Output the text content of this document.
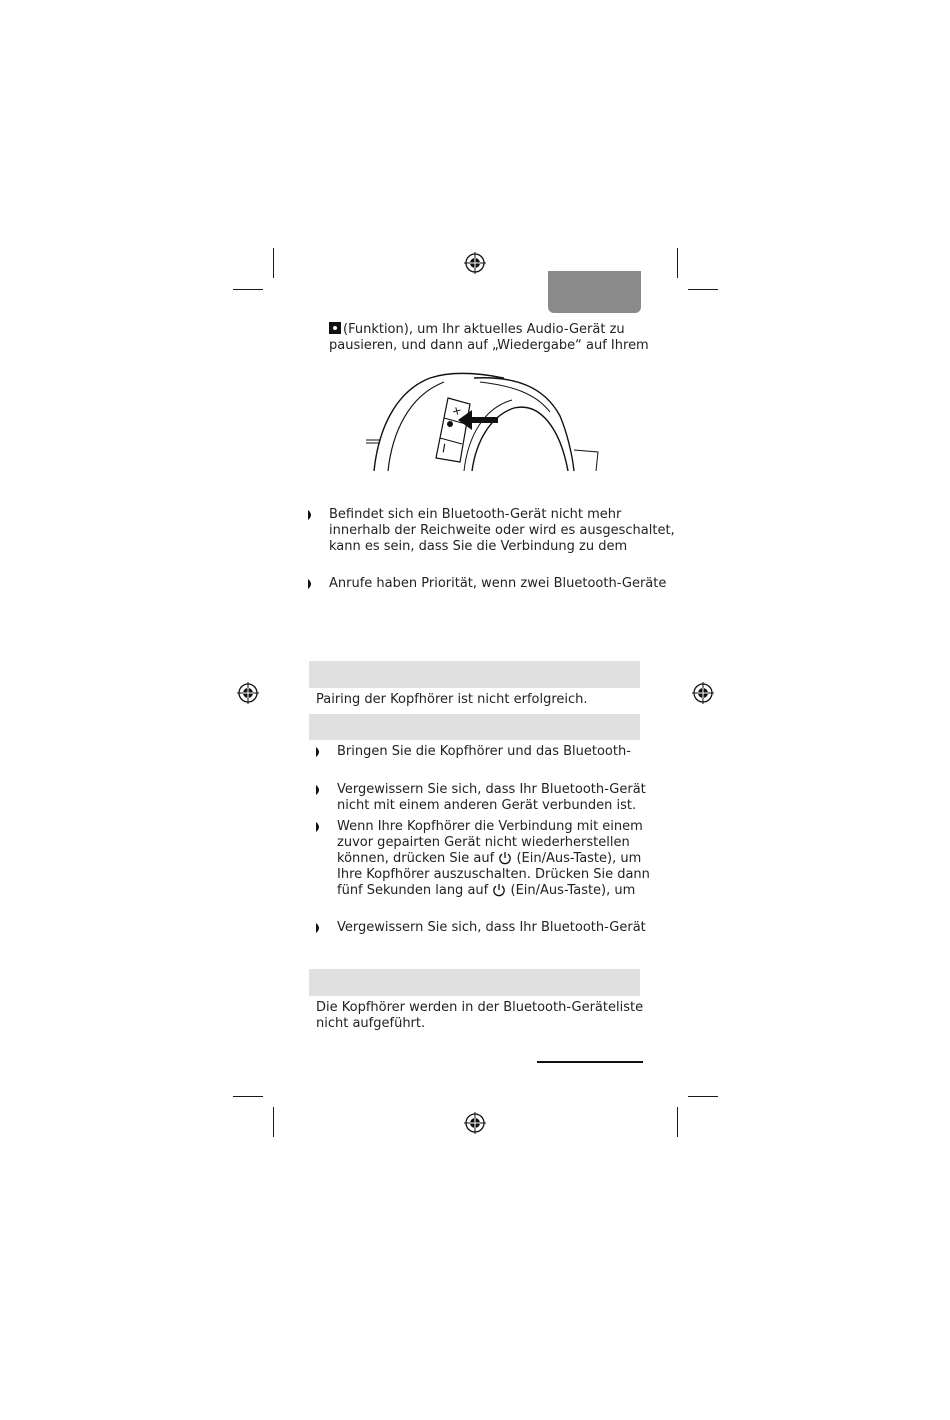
(Funktion), um Ihr aktuelles Audio-Gerät zu
pausieren, und dann auf „Wiedergabe“ auf Ihrem
+
−
Befindet sich ein Bluetooth-Gerät nicht mehr
innerhalb der Reichweite oder wird es ausgeschaltet,
kann es sein, dass Sie die Verbindung zu dem
Anrufe haben Priorität, wenn zwei Bluetooth-Geräte
Pairing der Kopfhörer ist nicht erfolgreich.
Bringen Sie die Kopfhörer und das Bluetooth-
Vergewissern Sie sich, dass Ihr Bluetooth-Gerät
nicht mit einem anderen Gerät verbunden ist.
Wenn Ihre Kopfhörer die Verbindung mit einem
zuvor gepairten Gerät nicht wiederherstellen
können, drücken Sie auf (Ein/Aus-Taste), um
Ihre Kopfhörer auszuschalten. Drücken Sie dann
fünf Sekunden lang auf (Ein/Aus-Taste), um
Vergewissern Sie sich, dass Ihr Bluetooth-Gerät
Die Kopfhörer werden in der Bluetooth-Geräteliste
nicht aufgeführt.
